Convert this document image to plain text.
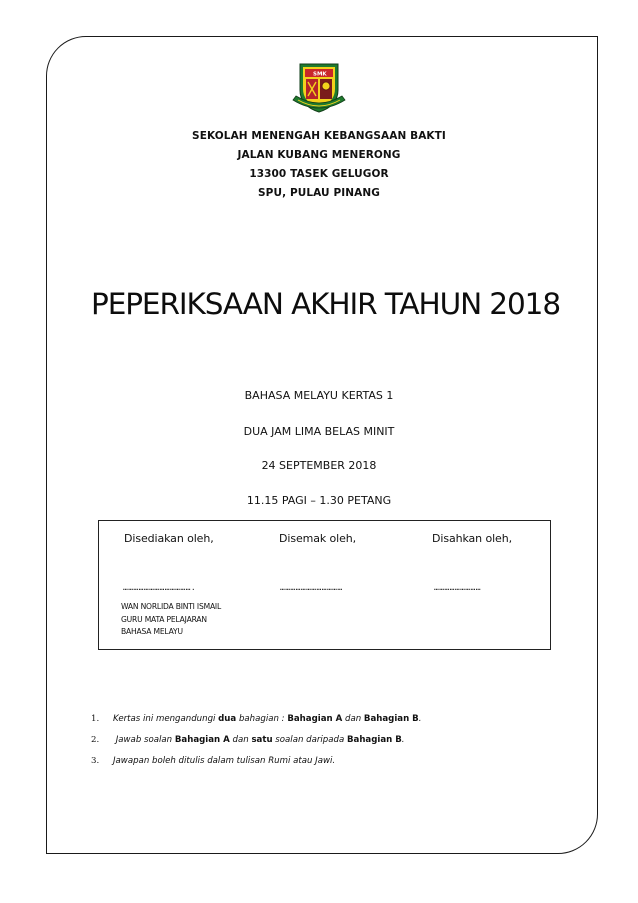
SMK
SEKOLAH MENENGAH KEBANGSAAN BAKTI
JALAN KUBANG MENERONG
13300 TASEK GELUGOR
SPU, PULAU PINANG
PEPERIKSAAN AKHIR TAHUN 2018
BAHASA MELAYU KERTAS 1
DUA JAM LIMA BELAS MINIT
24 SEPTEMBER 2018
11.15 PAGI – 1.30 PETANG
Disediakan oleh,	Disemak oleh,	Disahkan oleh,
………………………………….	………………………………	………………………
WAN NORLIDA BINTI ISMAIL
GURU MATA PELAJARAN
BAHASA MELAYU
1. Kertas ini mengandungi dua bahagian : Bahagian A dan Bahagian B.
2. Jawab soalan Bahagian A dan satu soalan daripada Bahagian B.
3. Jawapan boleh ditulis dalam tulisan Rumi atau Jawi.
